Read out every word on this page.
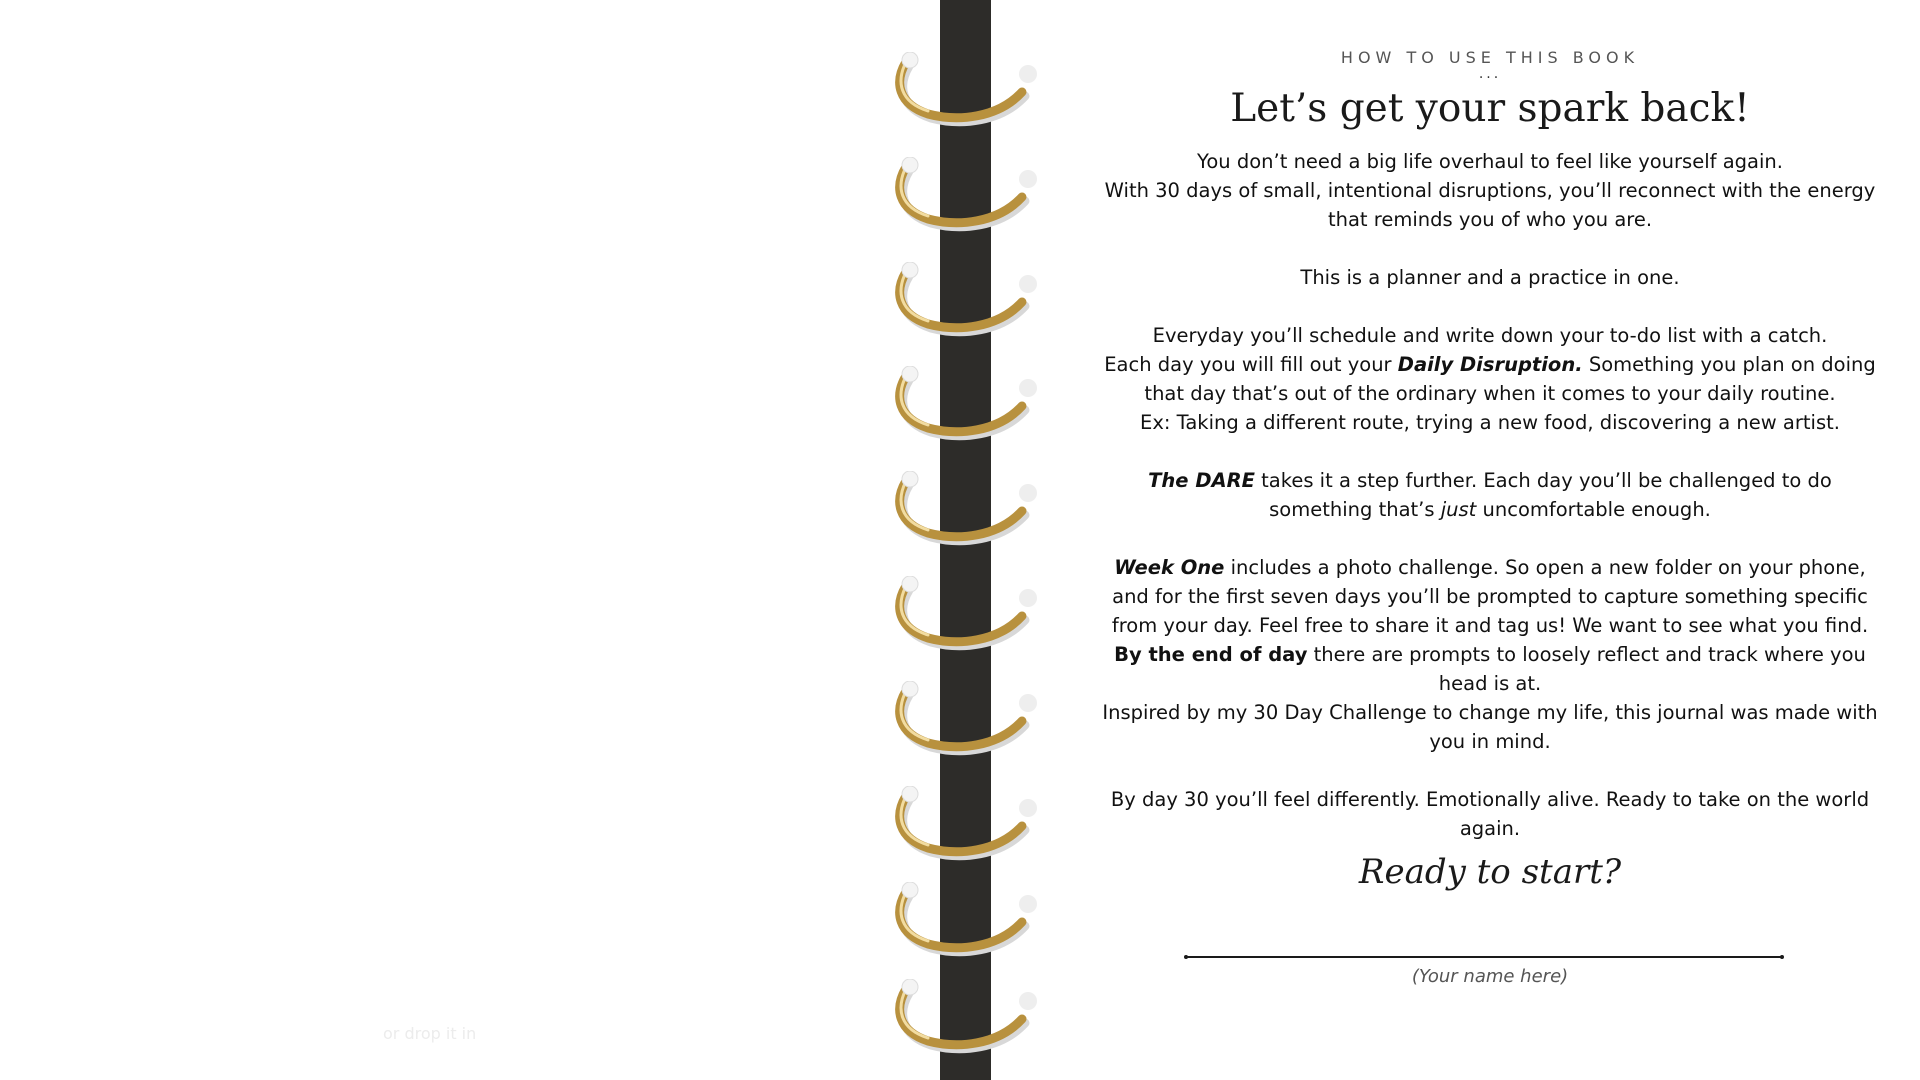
or drop it in
HOW TO USE THIS BOOK
...
Let’s get your spark back!

You don’t need a big life overhaul to feel like yourself again.

With 30 days of small, intentional disruptions, you’ll reconnect with the energy that reminds you of who you are.

This is a planner and a practice in one.

Everyday you’ll schedule and write down your to-do list with a catch.

Each day you will fill out your Daily Disruption. Something you plan on doing that day that’s out of the ordinary when it comes to your daily routine.

Ex: Taking a different route, trying a new food, discovering a new artist.

The DARE takes it a step further. Each day you’ll be challenged to do something that’s just uncomfortable enough.

Week One includes a photo challenge. So open a new folder on your phone, and for the first seven days you’ll be prompted to capture something specific from your day. Feel free to share it and tag us! We want to see what you find.

By the end of day there are prompts to loosely reflect and track where you head is at.

Inspired by my 30 Day Challenge to change my life, this journal was made with you in mind.

By day 30 you’ll feel differently. Emotionally alive. Ready to take on the world again.

Ready to start?
(Your name here)
